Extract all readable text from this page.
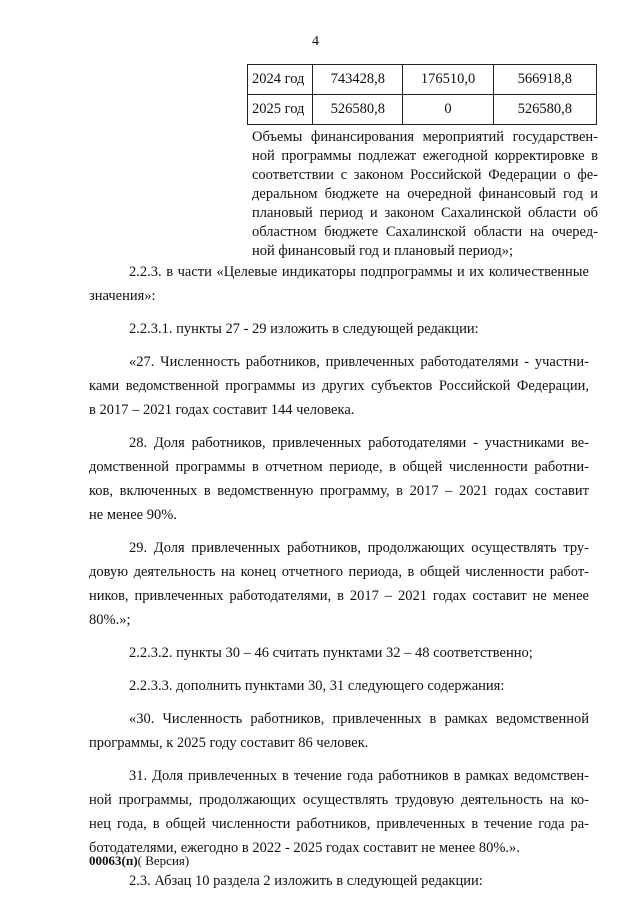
4
2024 год	743428,8	176510,0	566918,8
2025 год	526580,8	0	526580,8
Объемы финансирования мероприятий государствен-
ной программы подлежат ежегодной корректировке в
соответствии с законом Российской Федерации о фе-
деральном бюджете на очередной финансовый год и
плановый период и законом Сахалинской области об
областном бюджете Сахалинской области на очеред-
ной финансовый год и плановый период»;
2.2.3. в части «Целевые индикаторы подпрограммы и их количественные
значения»:
2.2.3.1. пункты 27 - 29 изложить в следующей редакции:
«27. Численность работников, привлеченных работодателями - участни-
ками ведомственной программы из других субъектов Российской Федерации,
в 2017 – 2021 годах составит 144 человека.
28. Доля работников, привлеченных работодателями - участниками ве-
домственной программы в отчетном периоде, в общей численности работни-
ков, включенных в ведомственную программу, в 2017 – 2021 годах составит
не менее 90%.
29. Доля привлеченных работников, продолжающих осуществлять тру-
довую деятельность на конец отчетного периода, в общей численности работ-
ников, привлеченных работодателями, в 2017 – 2021 годах составит не менее
80%.»;
2.2.3.2. пункты 30 – 46 считать пунктами 32 – 48 соответственно;
2.2.3.3. дополнить пунктами 30, 31 следующего содержания:
«30. Численность работников, привлеченных в рамках ведомственной
программы, к 2025 году составит 86 человек.
31. Доля привлеченных в течение года работников в рамках ведомствен-
ной программы, продолжающих осуществлять трудовую деятельность на ко-
нец года, в общей численности работников, привлеченных в течение года ра-
ботодателями, ежегодно в 2022 - 2025 годах составит не менее 80%.».
2.3. Абзац 10 раздела 2 изложить в следующей редакции:
00063(п)( Версия)
